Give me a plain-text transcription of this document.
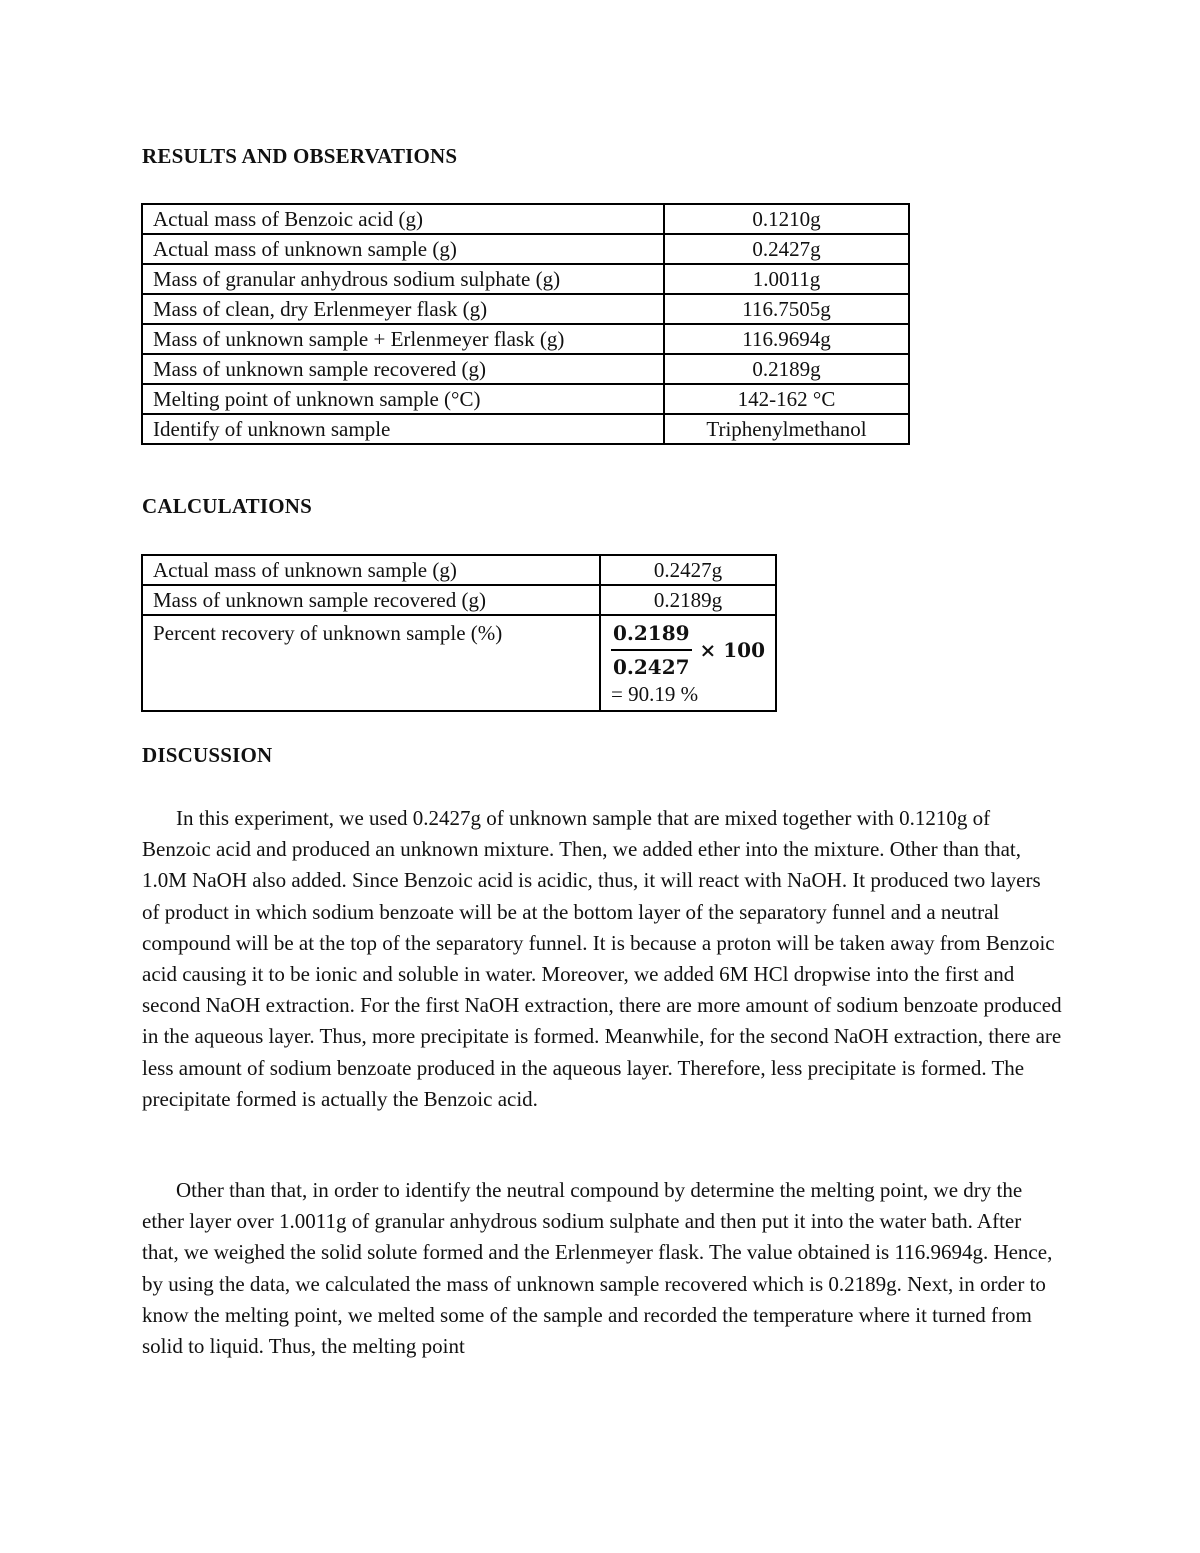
RESULTS AND OBSERVATIONS
Actual mass of Benzoic acid (g)	0.1210g
Actual mass of unknown sample (g)	0.2427g
Mass of granular anhydrous sodium sulphate (g)	1.0011g
Mass of clean, dry Erlenmeyer flask (g)	116.7505g
Mass of unknown sample + Erlenmeyer flask (g)	116.9694g
Mass of unknown sample recovered (g)	0.2189g
Melting point of unknown sample (°C)	142-162 °C
Identify of unknown sample	Triphenylmethanol
CALCULATIONS
Actual mass of unknown sample (g)	0.2427g
Mass of unknown sample recovered (g)	0.2189g
Percent recovery of unknown sample (%)	$\frac{0.2189}{0.2427} \times 100$
= 90.19 %
DISCUSSION

In this experiment, we used 0.2427g of unknown sample that are mixed together with 0.1210g of Benzoic acid and produced an unknown mixture. Then, we added ether into the mixture. Other than that, 1.0M NaOH also added. Since Benzoic acid is acidic, thus, it will react with NaOH. It produced two layers of product in which sodium benzoate will be at the bottom layer of the separatory funnel and a neutral compound will be at the top of the separatory funnel. It is because a proton will be taken away from Benzoic acid causing it to be ionic and soluble in water. Moreover, we added 6M HCl dropwise into the first and second NaOH extraction. For the first NaOH extraction, there are more amount of sodium benzoate produced in the aqueous layer. Thus, more precipitate is formed. Meanwhile, for the second NaOH extraction, there are less amount of sodium benzoate produced in the aqueous layer. Therefore, less precipitate is formed. The precipitate formed is actually the Benzoic acid.

Other than that, in order to identify the neutral compound by determine the melting point, we dry the ether layer over 1.0011g of granular anhydrous sodium sulphate and then put it into the water bath. After that, we weighed the solid solute formed and the Erlenmeyer flask. The value obtained is 116.9694g. Hence, by using the data, we calculated the mass of unknown sample recovered which is 0.2189g. Next, in order to know the melting point, we melted some of the sample and recorded the temperature where it turned from solid to liquid. Thus, the melting point
